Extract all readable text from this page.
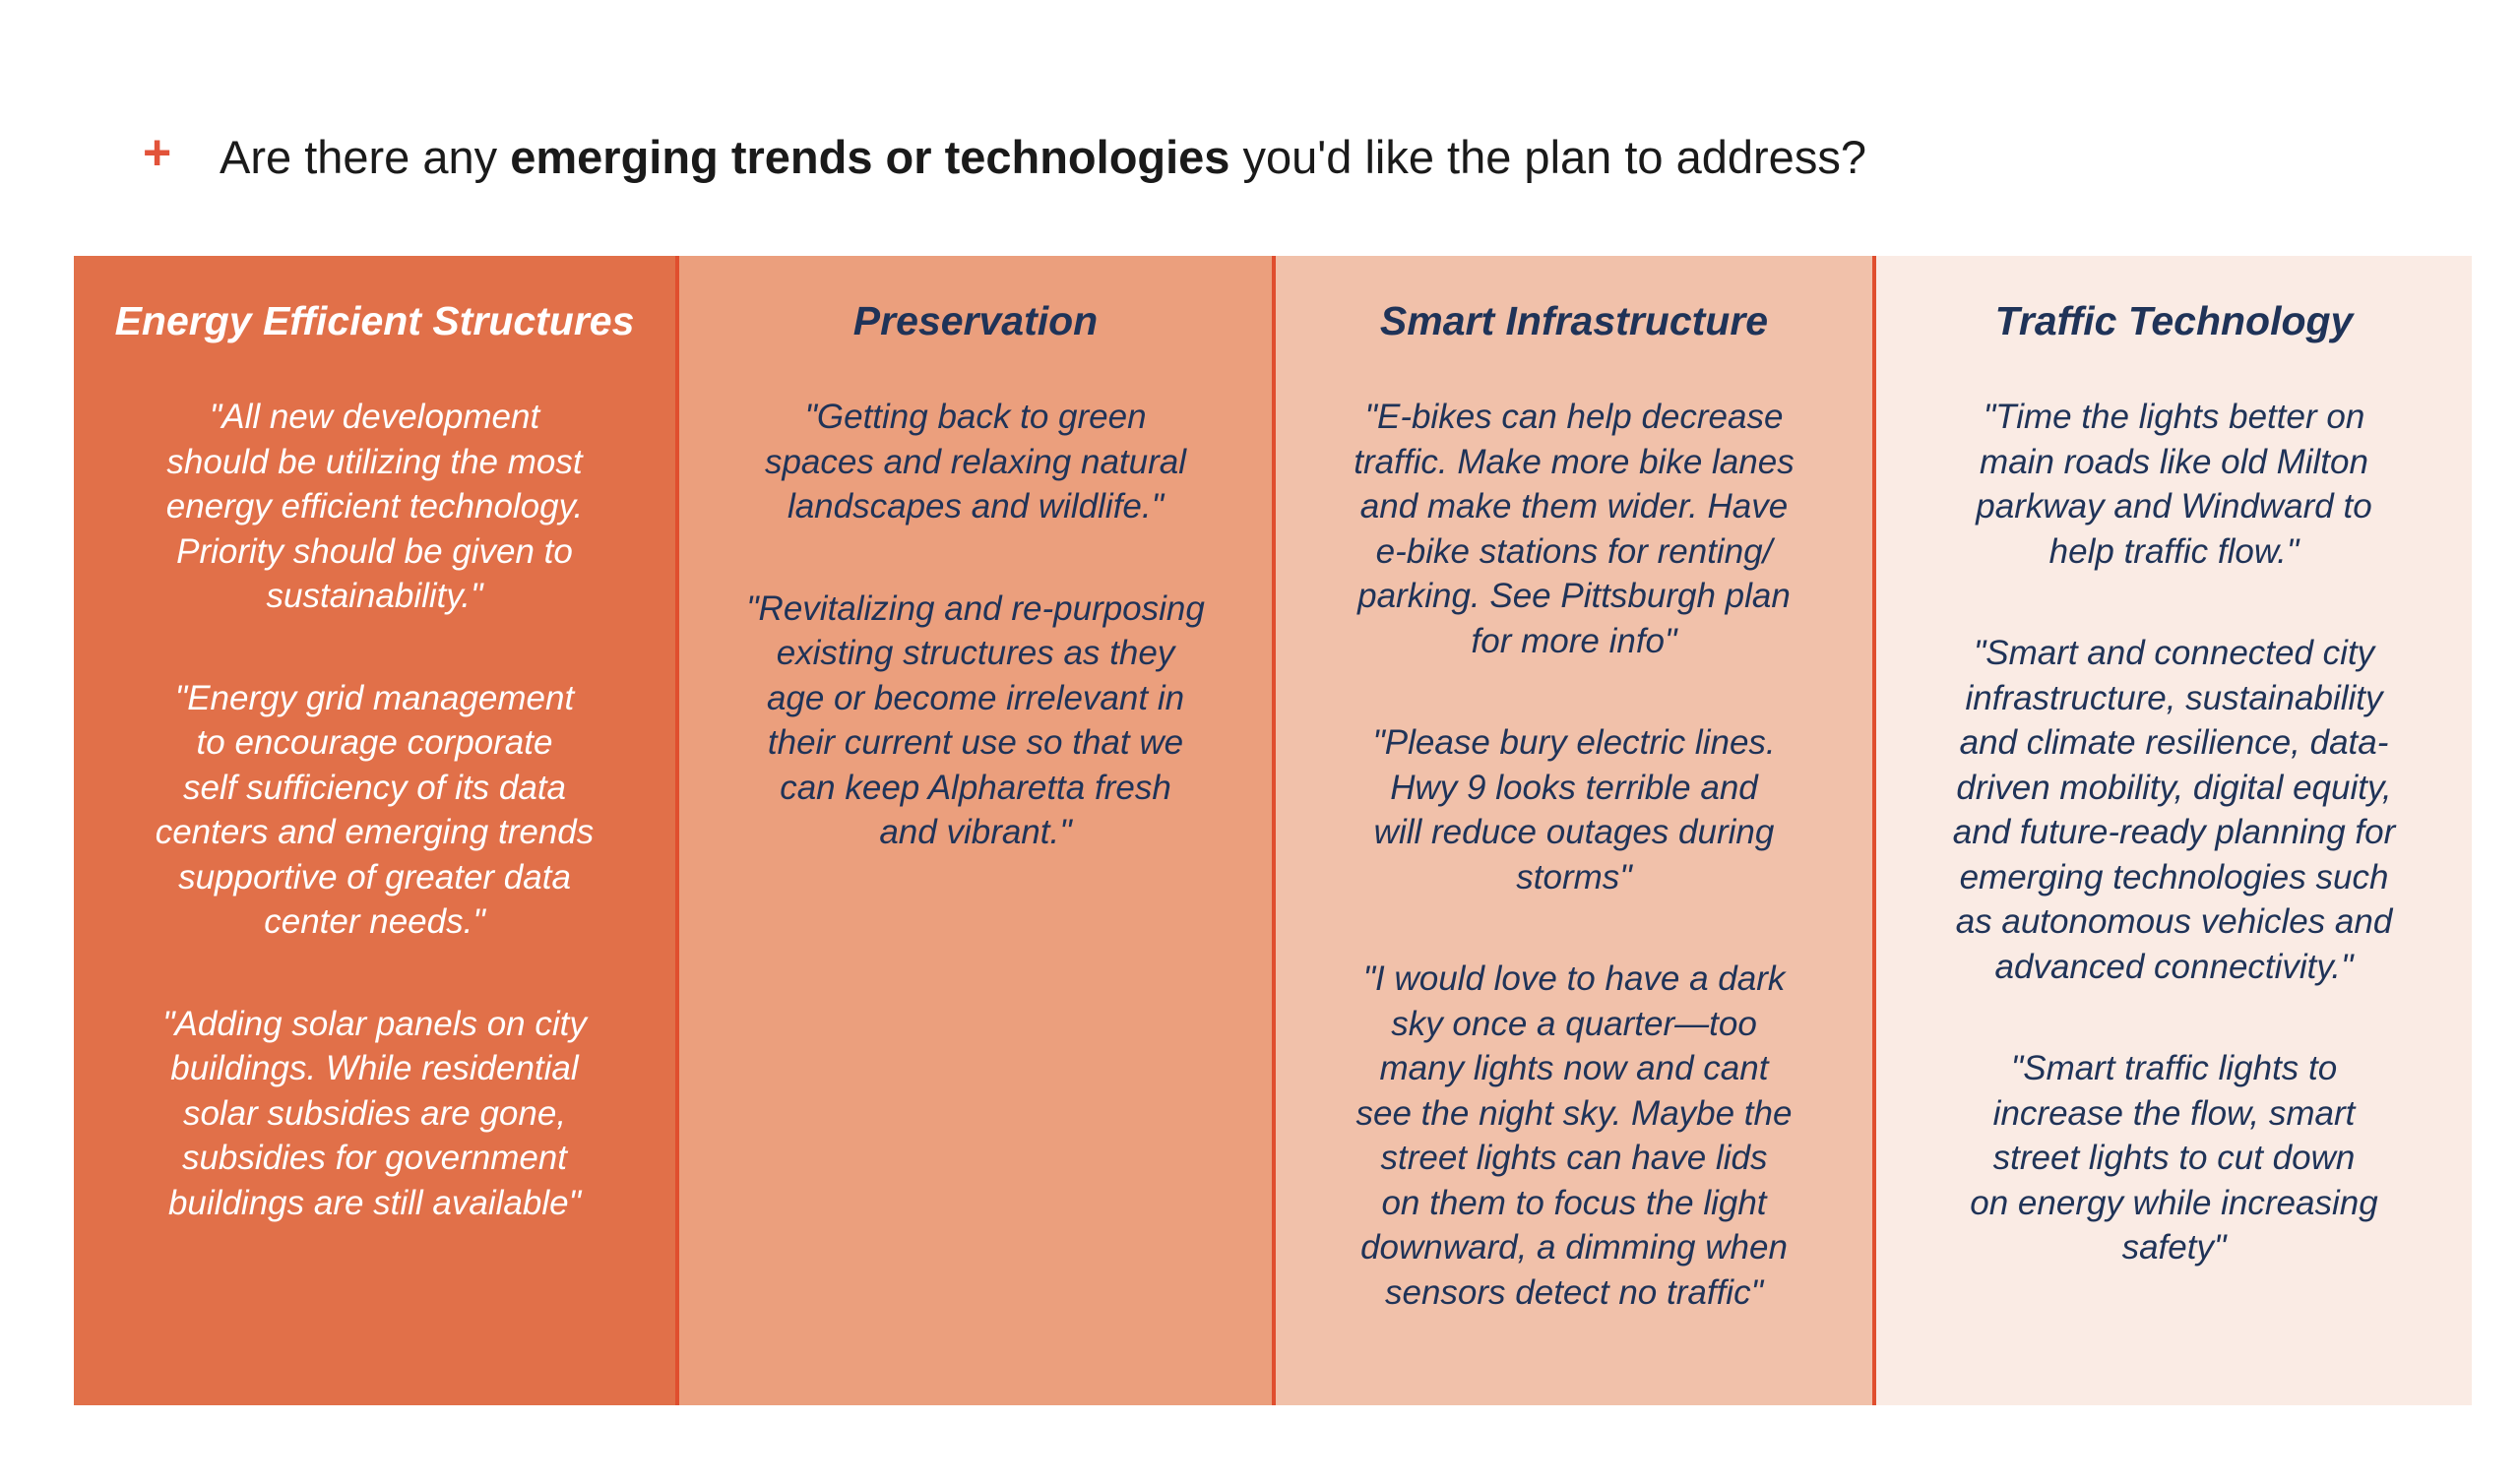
+	Are there any emerging trends or technologies you'd like the plan to address?
Energy Efficient Structures
"All new development
should be utilizing the most
energy efficient technology.
Priority should be given to
sustainability."
"Energy grid management
to encourage corporate
self sufficiency of its data
centers and emerging trends
supportive of greater data
center needs."
"Adding solar panels on city
buildings. While residential
solar subsidies are gone,
subsidies for government
buildings are still available"
Preservation
"Getting back to green
spaces and relaxing natural
landscapes and wildlife."
"Revitalizing and re-purposing
existing structures as they
age or become irrelevant in
their current use so that we
can keep Alpharetta fresh
and vibrant."
Smart Infrastructure
"E-bikes can help decrease
traffic. Make more bike lanes
and make them wider. Have
e-bike stations for renting/
parking. See Pittsburgh plan
for more info"
"Please bury electric lines.
Hwy 9 looks terrible and
will reduce outages during
storms"
"I would love to have a dark
sky once a quarter—too
many lights now and cant
see the night sky. Maybe the
street lights can have lids
on them to focus the light
downward, a dimming when
sensors detect no traffic"
Traffic Technology
"Time the lights better on
main roads like old Milton
parkway and Windward to
help traffic flow."
"Smart and connected city
infrastructure, sustainability
and climate resilience, data-
driven mobility, digital equity,
and future-ready planning for
emerging technologies such
as autonomous vehicles and
advanced connectivity."
"Smart traffic lights to
increase the flow, smart
street lights to cut down
on energy while increasing
safety"
